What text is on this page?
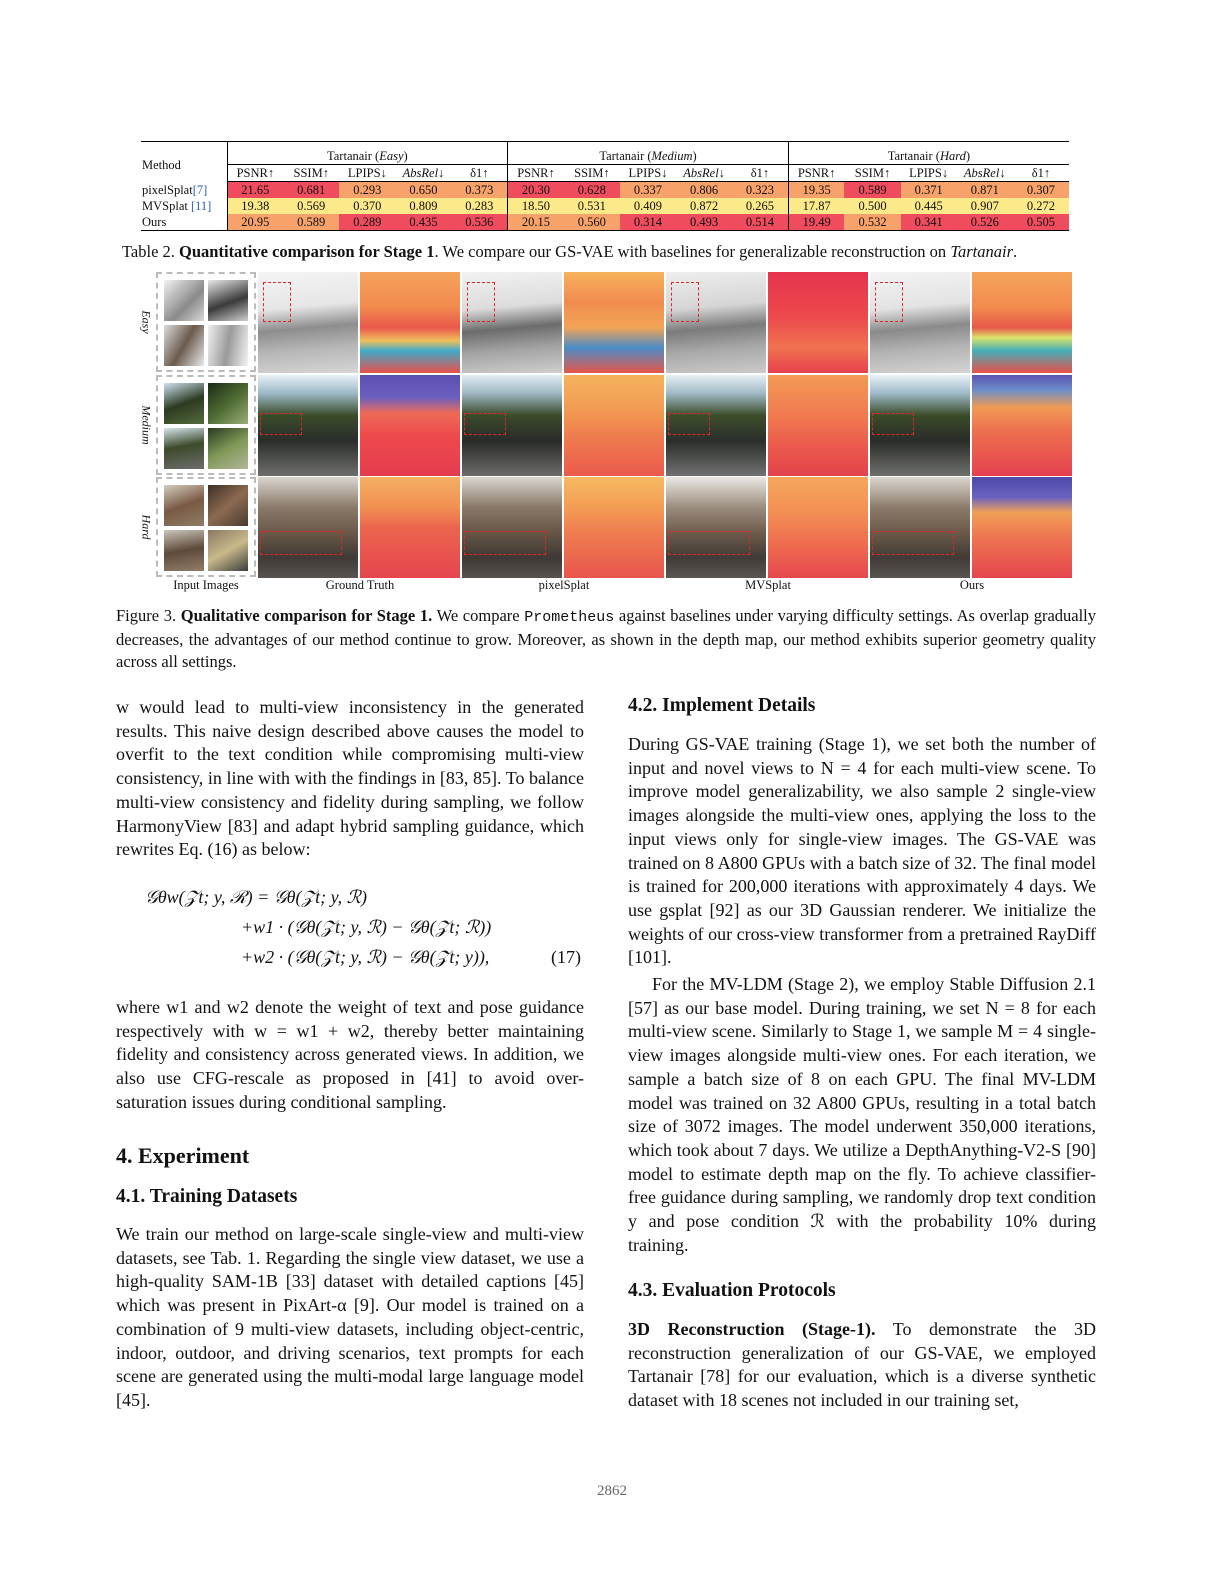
Method	Tartanair (Easy)					Tartanair (Medium)					Tartanair (Hard)				
	PSNR↑	SSIM↑	LPIPS↓	AbsRel↓	δ1↑	PSNR↑	SSIM↑	LPIPS↓	AbsRel↓	δ1↑	PSNR↑	SSIM↑	LPIPS↓	AbsRel↓	δ1↑
pixelSplat[7]	21.65	0.681	0.293	0.650	0.373	20.30	0.628	0.337	0.806	0.323	19.35	0.589	0.371	0.871	0.307
MVSplat [11]	19.38	0.569	0.370	0.809	0.283	18.50	0.531	0.409	0.872	0.265	17.87	0.500	0.445	0.907	0.272
Ours	20.95	0.589	0.289	0.435	0.536	20.15	0.560	0.314	0.493	0.514	19.49	0.532	0.341	0.526	0.505
Table 2. Quantitative comparison for Stage 1. We compare our GS-VAE with baselines for generalizable reconstruction on Tartanair.
Easy
Medium
Hard
Input Images	Ground Truth	pixelSplat	MVSplat	Ours
Figure 3. Qualitative comparison for Stage 1. We compare Prometheus against baselines under varying difficulty settings. As overlap gradually decreases, the advantages of our method continue to grow. Moreover, as shown in the depth map, our method exhibits superior geometry quality across all settings.

w would lead to multi-view inconsistency in the generated results. This naive design described above causes the model to overfit to the text condition while compromising multi-view consistency, in line with with the findings in [83, 85]. To balance multi-view consistency and fidelity during sampling, we follow HarmonyView [83] and adapt hybrid sampling guidance, which rewrites Eq. (16) as below:

𝒢θw(𝒵t; y, ℛ) = 𝒢θ(𝒵t; y, ℛ)
+w1 · (𝒢θ(𝒵t; y, ℛ) − 𝒢θ(𝒵t; ℛ))
+w2 · (𝒢θ(𝒵t; y, ℛ) − 𝒢θ(𝒵t; y)),	(17)

where w1 and w2 denote the weight of text and pose guidance respectively with w = w1 + w2, thereby better maintaining fidelity and consistency across generated views. In addition, we also use CFG-rescale as proposed in [41] to avoid over-saturation issues during conditional sampling.

4. Experiment
4.1. Training Datasets

We train our method on large-scale single-view and multi-view datasets, see Tab. 1. Regarding the single view dataset, we use a high-quality SAM-1B [33] dataset with detailed captions [45] which was present in PixArt-α [9]. Our model is trained on a combination of 9 multi-view datasets, including object-centric, indoor, outdoor, and driving scenarios, text prompts for each scene are generated using the multi-modal large language model [45].

4.2. Implement Details

During GS-VAE training (Stage 1), we set both the number of input and novel views to N = 4 for each multi-view scene. To improve model generalizability, we also sample 2 single-view images alongside the multi-view ones, applying the loss to the input views only for single-view images. The GS-VAE was trained on 8 A800 GPUs with a batch size of 32. The final model is trained for 200,000 iterations with approximately 4 days. We use gsplat [92] as our 3D Gaussian renderer. We initialize the weights of our cross-view transformer from a pretrained RayDiff [101].

For the MV-LDM (Stage 2), we employ Stable Diffusion 2.1 [57] as our base model. During training, we set N = 8 for each multi-view scene. Similarly to Stage 1, we sample M = 4 single-view images alongside multi-view ones. For each iteration, we sample a batch size of 8 on each GPU. The final MV-LDM model was trained on 32 A800 GPUs, resulting in a total batch size of 3072 images. The model underwent 350,000 iterations, which took about 7 days. We utilize a DepthAnything-V2-S [90] model to estimate depth map on the fly. To achieve classifier-free guidance during sampling, we randomly drop text condition y and pose condition ℛ with the probability 10% during training.

4.3. Evaluation Protocols

3D Reconstruction (Stage-1). To demonstrate the 3D reconstruction generalization of our GS-VAE, we employed Tartanair [78] for our evaluation, which is a diverse synthetic dataset with 18 scenes not included in our training set,

2862
